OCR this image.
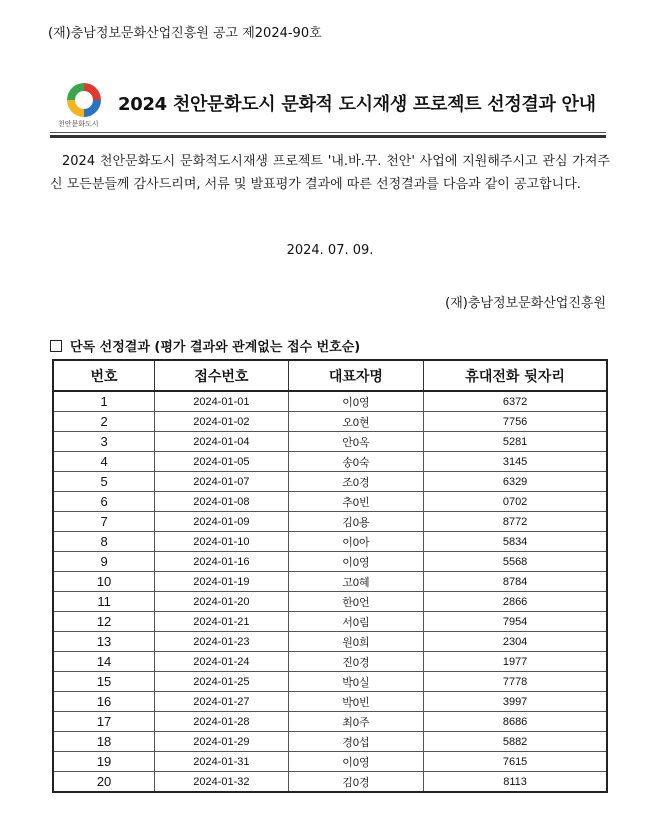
(재)충남정보문화산업진흥원 공고 제2024-90호
천안문화도시
2024 천안문화도시 문화적 도시재생 프로젝트 선정결과 안내
2024 천안문화도시 문화적도시재생 프로젝트 '내.바.꾸. 천안' 사업에 지원해주시고 관심 가져주신 모든분들께 감사드리며, 서류 및 발표평가 결과에 따른 선정결과를 다음과 같이 공고합니다.
2024. 07. 09.
(재)충남정보문화산업진흥원
단독 선정결과 (평가 결과와 관계없는 접수 번호순)
번호	접수번호	대표자명	휴대전화 뒷자리
1	2024-01-01	이0영	6372
2	2024-01-02	오0현	7756
3	2024-01-04	안0옥	5281
4	2024-01-05	송0숙	3145
5	2024-01-07	조0경	6329
6	2024-01-08	추0빈	0702
7	2024-01-09	김0용	8772
8	2024-01-10	이0아	5834
9	2024-01-16	이0영	5568
10	2024-01-19	고0혜	8784
11	2024-01-20	한0언	2866
12	2024-01-21	서0림	7954
13	2024-01-23	원0희	2304
14	2024-01-24	진0경	1977
15	2024-01-25	박0실	7778
16	2024-01-27	박0빈	3997
17	2024-01-28	최0주	8686
18	2024-01-29	경0섭	5882
19	2024-01-31	이0영	7615
20	2024-01-32	김0경	8113
